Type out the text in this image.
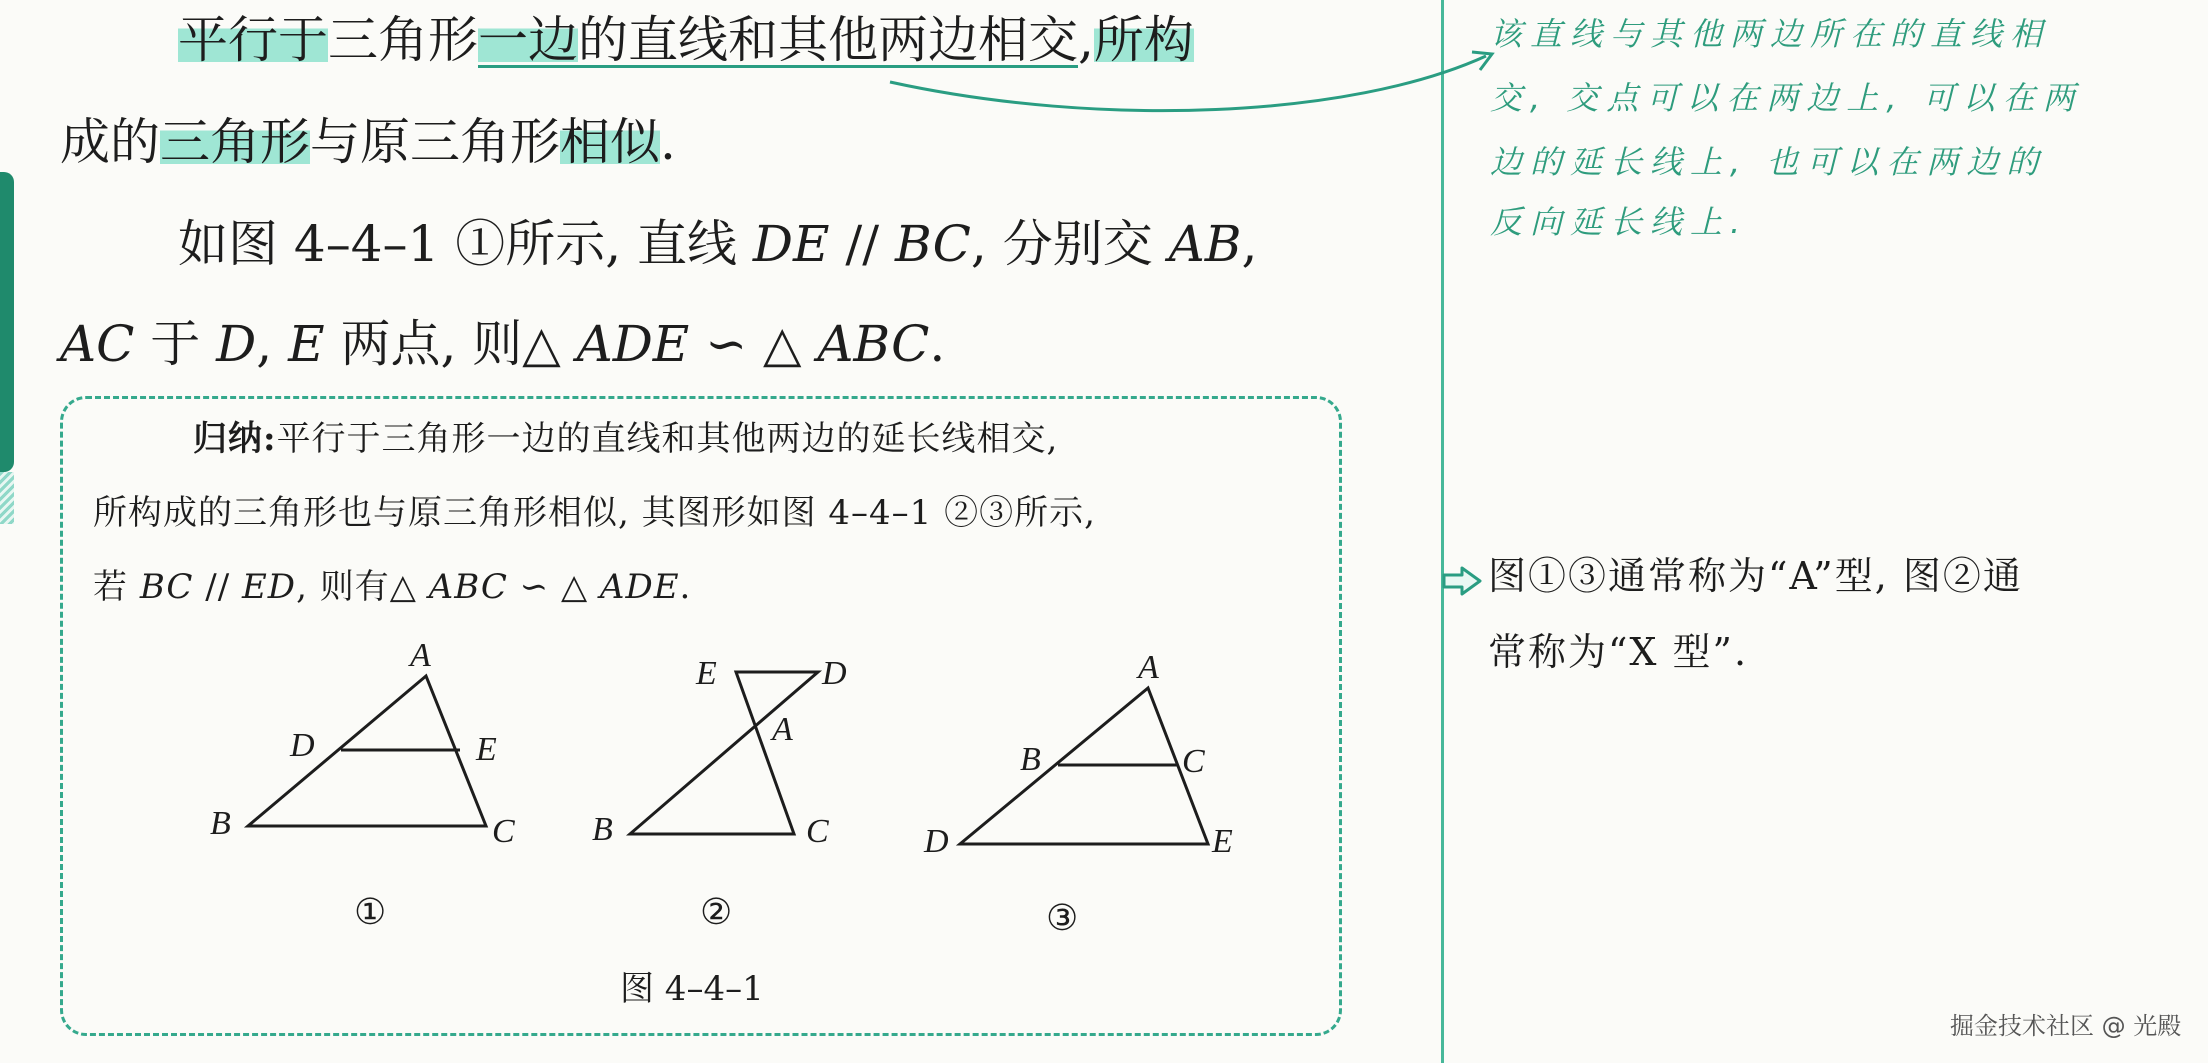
平行于三角形一边的直线和其他两边相交,所构
成的三角形与原三角形相似.
如图 4–4–1 ①所示, 直线 DE // BC, 分别交 AB,
AC 于 D, E 两点, 则△ ADE ∽ △ ABC.
归纳:平行于三角形一边的直线和其他两边的延长线相交,
所构成的三角形也与原三角形相似, 其图形如图 4–4–1 ②③所示,
若 BC // ED, 则有△ ABC ∽ △ ADE.
A
D	E
B	C
①
E	D
A
B	C
②
A
B	C
D	E
③
图 4–4–1
该直线与其他两边所在的直线相
交, 交点可以在两边上, 可以在两
边的延长线上, 也可以在两边的
反向延长线上.
图①③通常称为“A”型, 图②通
常称为“X 型”.
掘金技术社区 @ 光殿
